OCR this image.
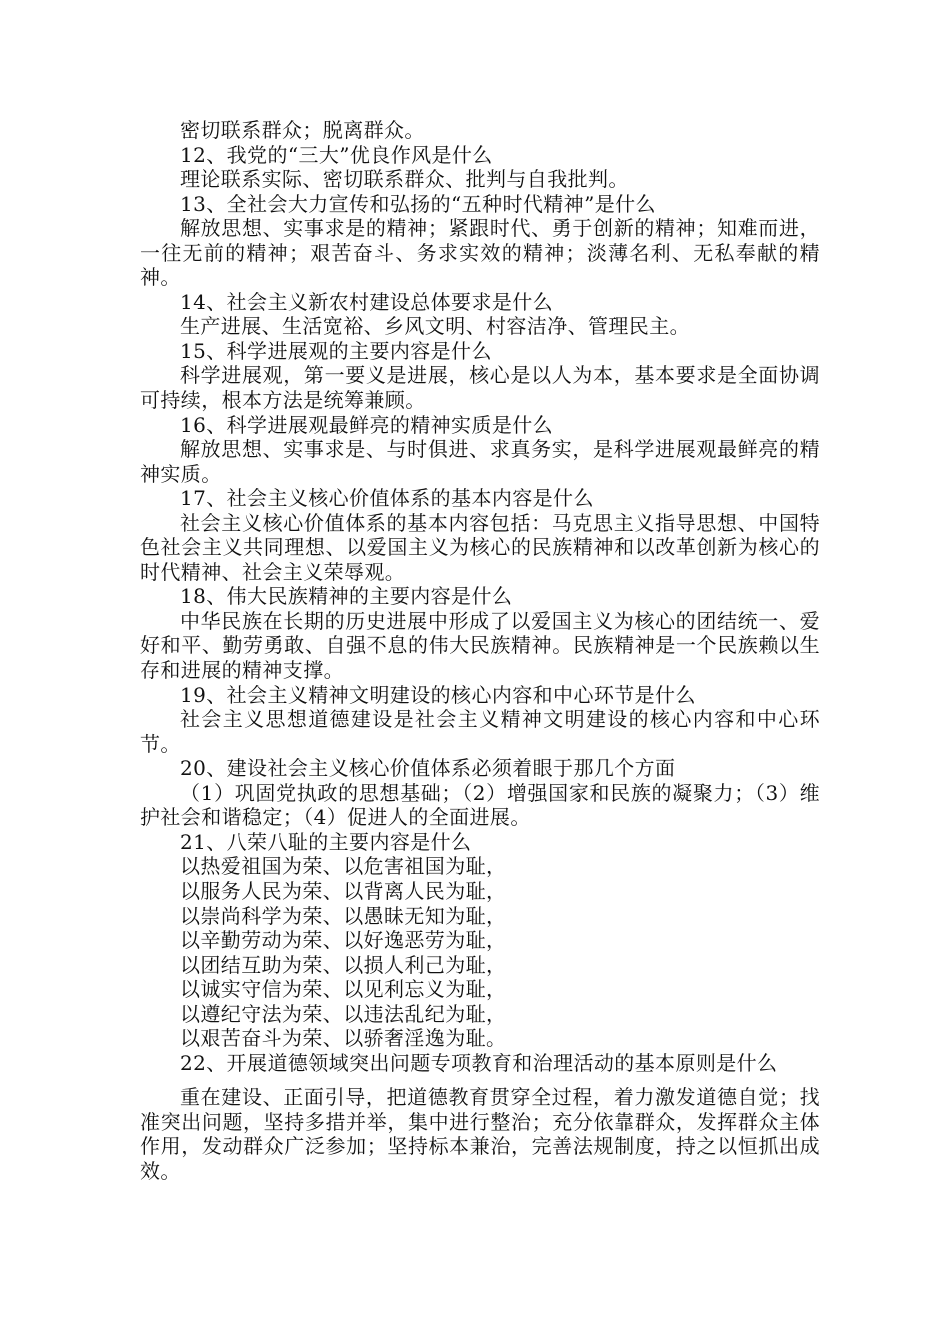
密切联系群众；脱离群众。

12、我党的“三大”优良作风是什么

理论联系实际、密切联系群众、批判与自我批判。

13、全社会大力宣传和弘扬的“五种时代精神”是什么

解放思想、实事求是的精神；紧跟时代、勇于创新的精神；知难而进，一往无前的精神；艰苦奋斗、务求实效的精神；淡薄名利、无私奉献的精神。

14、社会主义新农村建设总体要求是什么

生产进展、生活宽裕、乡风文明、村容洁净、管理民主。

15、科学进展观的主要内容是什么

科学进展观，第一要义是进展，核心是以人为本，基本要求是全面协调可持续，根本方法是统筹兼顾。

16、科学进展观最鲜亮的精神实质是什么

解放思想、实事求是、与时俱进、求真务实，是科学进展观最鲜亮的精神实质。

17、社会主义核心价值体系的基本内容是什么

社会主义核心价值体系的基本内容包括：马克思主义指导思想、中国特色社会主义共同理想、以爱国主义为核心的民族精神和以改革创新为核心的时代精神、社会主义荣辱观。

18、伟大民族精神的主要内容是什么

中华民族在长期的历史进展中形成了以爱国主义为核心的团结统一、爱好和平、勤劳勇敢、自强不息的伟大民族精神。民族精神是一个民族赖以生存和进展的精神支撑。

19、社会主义精神文明建设的核心内容和中心环节是什么

社会主义思想道德建设是社会主义精神文明建设的核心内容和中心环节。

20、建设社会主义核心价值体系必须着眼于那几个方面

（1）巩固党执政的思想基础；（2）增强国家和民族的凝聚力；（3）维护社会和谐稳定；（4）促进人的全面进展。

21、八荣八耻的主要内容是什么

以热爱祖国为荣、以危害祖国为耻，

以服务人民为荣、以背离人民为耻，

以崇尚科学为荣、以愚昧无知为耻，

以辛勤劳动为荣、以好逸恶劳为耻，

以团结互助为荣、以损人利己为耻，

以诚实守信为荣、以见利忘义为耻，

以遵纪守法为荣、以违法乱纪为耻，

以艰苦奋斗为荣、以骄奢淫逸为耻。

22、开展道德领域突出问题专项教育和治理活动的基本原则是什么

重在建设、正面引导，把道德教育贯穿全过程，着力激发道德自觉；找准突出问题，坚持多措并举，集中进行整治；充分依靠群众，发挥群众主体作用，发动群众广泛参加；坚持标本兼治，完善法规制度，持之以恒抓出成效。
